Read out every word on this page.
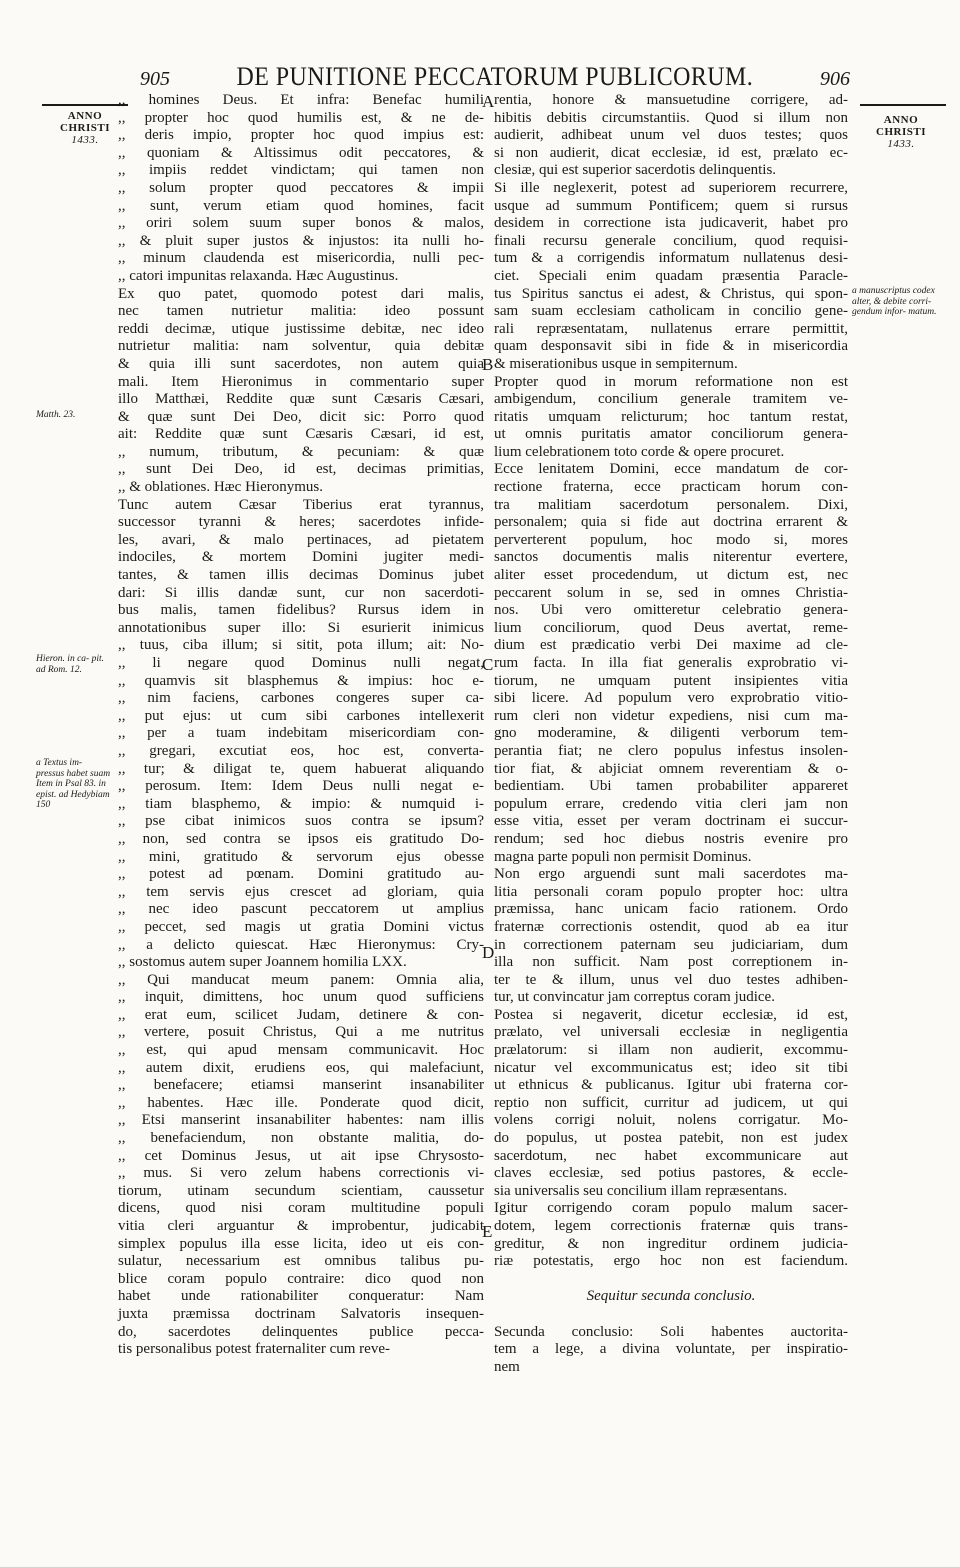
905	DE PUNITIONE PECCATORUM PUBLICORUM.	906
ANNO CHRISTI
1433.
ANNO CHRISTI
1433.
Matth. 23.
Hieron. in ca- pit. ad Rom. 12.
a Textus im- pressus habet suam Item in Psal 83. in epist. ad Hedybiam 150
a manuscriptus codex alter, & debite corri- gendum infor- matum.
A
B
C
D
E
,, homines Deus. Et infra: Benefac humili
,, propter hoc quod humilis est, & ne de-
,, deris impio, propter hoc quod impius est:
,, quoniam & Altissimus odit peccatores, &
,, impiis reddet vindictam; qui tamen non
,, solum propter quod peccatores & impii
,, sunt, verum etiam quod homines, facit
,, oriri solem suum super bonos & malos,
,, & pluit super justos & injustos: ita nulli ho-
,, minum claudenda est misericordia, nulli pec-
,, catori impunitas relaxanda. Hæc Augustinus.
Ex quo patet, quomodo potest dari malis,
nec tamen nutrietur malitia: ideo possunt
reddi decimæ, utique justissime debitæ, nec ideo
nutrietur malitia: nam solventur, quia debitæ
& quia illi sunt sacerdotes, non autem quia
mali. Item Hieronimus in commentario super
illo Matthæi, Reddite quæ sunt Cæsaris Cæsari,
& quæ sunt Dei Deo, dicit sic: Porro quod
ait: Reddite quæ sunt Cæsaris Cæsari, id est,
,, numum, tributum, & pecuniam: & quæ
,, sunt Dei Deo, id est, decimas primitias,
,, & oblationes. Hæc Hieronymus.
Tunc autem Cæsar Tiberius erat tyrannus,
successor tyranni & heres; sacerdotes infide-
les, avari, & malo pertinaces, ad pietatem
indociles, & mortem Domini jugiter medi-
tantes, & tamen illis decimas Dominus jubet
dari: Si illis dandæ sunt, cur non sacerdoti-
bus malis, tamen fidelibus? Rursus idem in
annotationibus super illo: Si esurierit inimicus
,, tuus, ciba illum; si sitit, pota illum; ait: No-
,, li negare quod Dominus nulli negat,
,, quamvis sit blasphemus & impius: hoc e-
,, nim faciens, carbones congeres super ca-
,, put ejus: ut cum sibi carbones intellexerit
,, per a tuam indebitam misericordiam con-
,, gregari, excutiat eos, hoc est, converta-
,, tur; & diligat te, quem habuerat aliquando
,, perosum. Item: Idem Deus nulli negat e-
,, tiam blasphemo, & impio: & numquid i-
,, pse cibat inimicos suos contra se ipsum?
,, non, sed contra se ipsos eis gratitudo Do-
,, mini, gratitudo & servorum ejus obesse
,, potest ad pœnam. Domini gratitudo au-
,, tem servis ejus crescet ad gloriam, quia
,, nec ideo pascunt peccatorem ut amplius
,, peccet, sed magis ut gratia Domini victus
,, a delicto quiescat. Hæc Hieronymus: Cry-
,, sostomus autem super Joannem homilia LXX.
,, Qui manducat meum panem: Omnia alia,
,, inquit, dimittens, hoc unum quod sufficiens
,, erat eum, scilicet Judam, detinere & con-
,, vertere, posuit Christus, Qui a me nutritus
,, est, qui apud mensam communicavit. Hoc
,, autem dixit, erudiens eos, qui malefaciunt,
,, benefacere; etiamsi manserint insanabiliter
,, habentes. Hæc ille. Ponderate quod dicit,
,, Etsi manserint insanabiliter habentes: nam illis
,, benefaciendum, non obstante malitia, do-
,, cet Dominus Jesus, ut ait ipse Chrysosto-
,, mus. Si vero zelum habens correctionis vi-
tiorum, utinam secundum scientiam, caussetur
dicens, quod nisi coram multitudine populi
vitia cleri arguantur & improbentur, judicabit
simplex populus illa esse licita, ideo ut eis con-
sulatur, necessarium est omnibus talibus pu-
blice coram populo contraire: dico quod non
habet unde rationabiliter conqueratur: Nam
juxta præmissa doctrinam Salvatoris insequen-
do, sacerdotes delinquentes publice pecca-
tis personalibus potest fraternaliter cum reve-
rentia, honore & mansuetudine corrigere, ad-
hibitis debitis circumstantiis. Quod si illum non
audierit, adhibeat unum vel duos testes; quos
si non audierit, dicat ecclesiæ, id est, prælato ec-
clesiæ, qui est superior sacerdotis delinquentis.
Si ille neglexerit, potest ad superiorem recurrere,
usque ad summum Pontificem; quem si rursus
desidem in correctione ista judicaverit, habet pro
finali recursu generale concilium, quod requisi-
tum & a corrigendis informatum nullatenus desi-
ciet. Speciali enim quadam præsentia Paracle-
tus Spiritus sanctus ei adest, & Christus, qui spon-
sam suam ecclesiam catholicam in concilio gene-
rali repræsentatam, nullatenus errare permittit,
quam desponsavit sibi in fide & in misericordia
& miserationibus usque in sempiternum.
Propter quod in morum reformatione non est
ambigendum, concilium generale tramitem ve-
ritatis umquam relicturum; hoc tantum restat,
ut omnis puritatis amator conciliorum genera-
lium celebrationem toto corde & opere procuret.
Ecce lenitatem Domini, ecce mandatum de cor-
rectione fraterna, ecce practicam horum con-
tra malitiam sacerdotum personalem. Dixi,
personalem; quia si fide aut doctrina errarent &
perverterent populum, hoc modo si, mores
sanctos documentis malis niterentur evertere,
aliter esset procedendum, ut dictum est, nec
peccarent solum in se, sed in omnes Christia-
nos. Ubi vero omitteretur celebratio genera-
lium conciliorum, quod Deus avertat, reme-
dium est prædicatio verbi Dei maxime ad cle-
rum facta. In illa fiat generalis exprobratio vi-
tiorum, ne umquam putent insipientes vitia
sibi licere. Ad populum vero exprobratio vitio-
rum cleri non videtur expediens, nisi cum ma-
gno moderamine, & diligenti verborum tem-
perantia fiat; ne clero populus infestus insolen-
tior fiat, & abjiciat omnem reverentiam & o-
bedientiam. Ubi tamen probabiliter appareret
populum errare, credendo vitia cleri jam non
esse vitia, esset per veram doctrinam ei succur-
rendum; sed hoc diebus nostris evenire pro
magna parte populi non permisit Dominus.
Non ergo arguendi sunt mali sacerdotes ma-
litia personali coram populo propter hoc: ultra
præmissa, hanc unicam facio rationem. Ordo
fraternæ correctionis ostendit, quod ab ea itur
in correctionem paternam seu judiciariam, dum
illa non sufficit. Nam post correptionem in-
ter te & illum, unus vel duo testes adhiben-
tur, ut convincatur jam correptus coram judice.
Postea si negaverit, dicetur ecclesiæ, id est,
prælato, vel universali ecclesiæ in negligentia
prælatorum: si illam non audierit, excommu-
nicatur vel excommunicatus est; ideo sit tibi
ut ethnicus & publicanus. Igitur ubi fraterna cor-
reptio non sufficit, curritur ad judicem, ut qui
volens corrigi noluit, nolens corrigatur. Mo-
do populus, ut postea patebit, non est judex
sacerdotum, nec habet excommunicare aut
claves ecclesiæ, sed potius pastores, & eccle-
sia universalis seu concilium illam repræsentans.
Igitur corrigendo coram populo malum sacer-
dotem, legem correctionis fraternæ quis trans-
greditur, & non ingreditur ordinem judicia-
riæ potestatis, ergo hoc non est faciendum.
Sequitur secunda conclusio.
Secunda conclusio: Soli habentes auctorita-
tem a lege, a divina voluntate, per inspiratio-
nem
